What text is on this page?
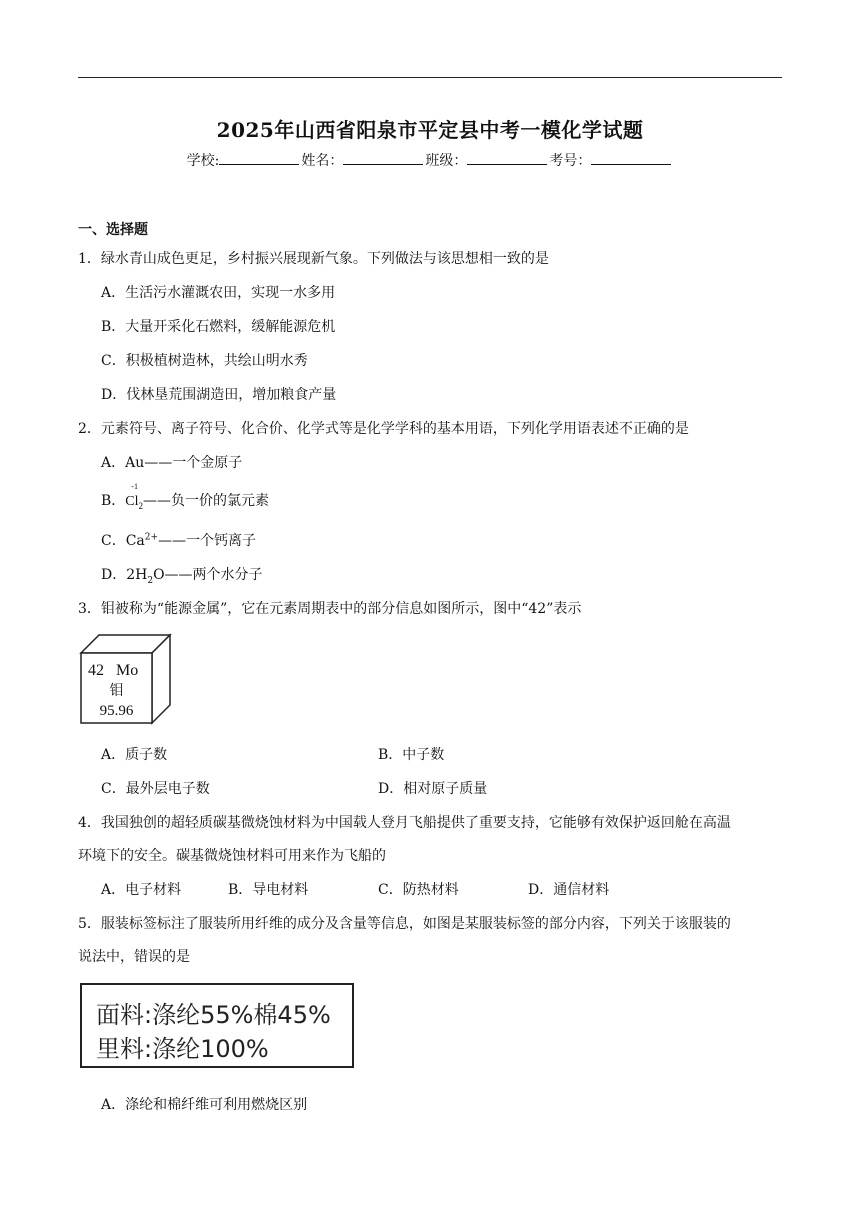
2025年山西省阳泉市平定县中考一模化学试题
学校:	姓名：	班级：	考号：
一、选择题
1．绿水青山成色更足，乡村振兴展现新气象。下列做法与该思想相一致的是
A．生活污水灌溉农田，实现一水多用
B．大量开采化石燃料，缓解能源危机
C．积极植树造林，共绘山明水秀
D．伐林垦荒围湖造田，增加粮食产量
2．元素符号、离子符号、化合价、化学式等是化学学科的基本用语，下列化学用语表述不正确的是
A．Au——一个金原子
B．
-1
$Cl_2——$负一价的氯元素
C．$Ca^{2+}——$一个钙离子
D．$2H_2O——$两个水分子
3．钼被称为“能源金属”，它在元素周期表中的部分信息如图所示，图中“42”表示
42 Mo
钼
95.96
A．质子数	B．中子数
C．最外层电子数	D．相对原子质量
4．我国独创的超轻质碳基微烧蚀材料为中国载人登月飞船提供了重要支持，它能够有效保护返回舱在高温
环境下的安全。碳基微烧蚀材料可用来作为飞船的
A．电子材料	B．导电材料	C．防热材料	D．通信材料
5．服装标签标注了服装所用纤维的成分及含量等信息，如图是某服装标签的部分内容，下列关于该服装的
说法中，错误的是
面料:涤纶55%棉45%
里料:涤纶100%
A．涤纶和棉纤维可利用燃烧区别
